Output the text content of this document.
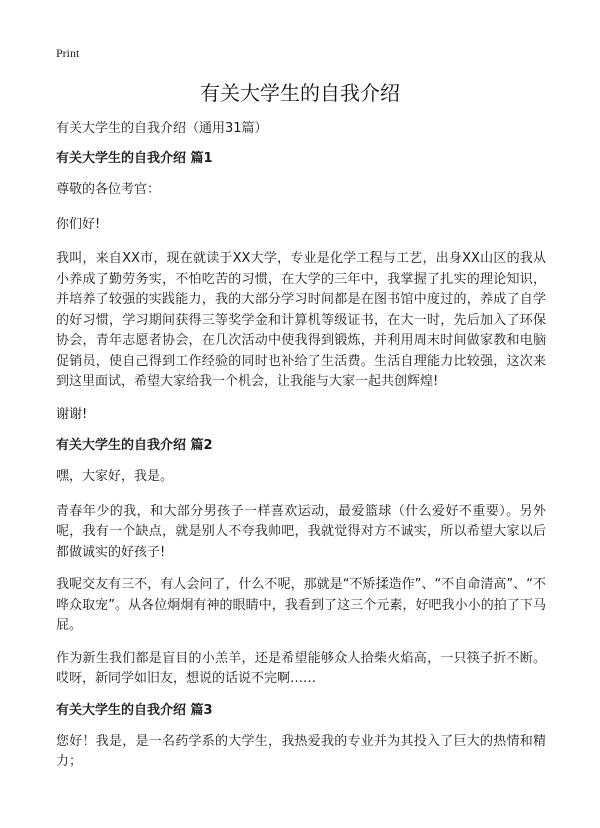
Print
有关大学生的自我介绍
有关大学生的自我介绍（通用31篇）
有关大学生的自我介绍 篇1
尊敬的各位考官：
你们好!
我叫，来自XX市，现在就读于XX大学，专业是化学工程与工艺，出身XX山区的我从小养成了勤劳务实，不怕吃苦的习惯，在大学的三年中，我掌握了扎实的理论知识，并培养了较强的实践能力，我的大部分学习时间都是在图书馆中度过的，养成了自学的好习惯，学习期间获得三等奖学金和计算机等级证书，在大一时，先后加入了环保协会，青年志愿者协会，在几次活动中使我得到锻炼，并利用周末时间做家教和电脑促销员，使自己得到工作经验的同时也补给了生活费。生活自理能力比较强，这次来到这里面试，希望大家给我一个机会，让我能与大家一起共创辉煌!
谢谢!
有关大学生的自我介绍 篇2
嘿，大家好，我是。
青春年少的我，和大部分男孩子一样喜欢运动，最爱篮球（什么爱好不重要）。另外呢，我有一个缺点，就是别人不夸我帅吧，我就觉得对方不诚实，所以希望大家以后都做诚实的好孩子!
我呢交友有三不，有人会问了，什么不呢，那就是“不矫揉造作”、“不自命清高”、“不哗众取宠”。从各位炯炯有神的眼睛中，我看到了这三个元素，好吧我小小的拍了下马屁。
作为新生我们都是盲目的小羔羊，还是希望能够众人拾柴火焰高，一只筷子折不断。哎呀，新同学如旧友，想说的话说不完啊……
有关大学生的自我介绍 篇3
您好！我是，是一名药学系的大学生，我热爱我的专业并为其投入了巨大的热情和精力；
